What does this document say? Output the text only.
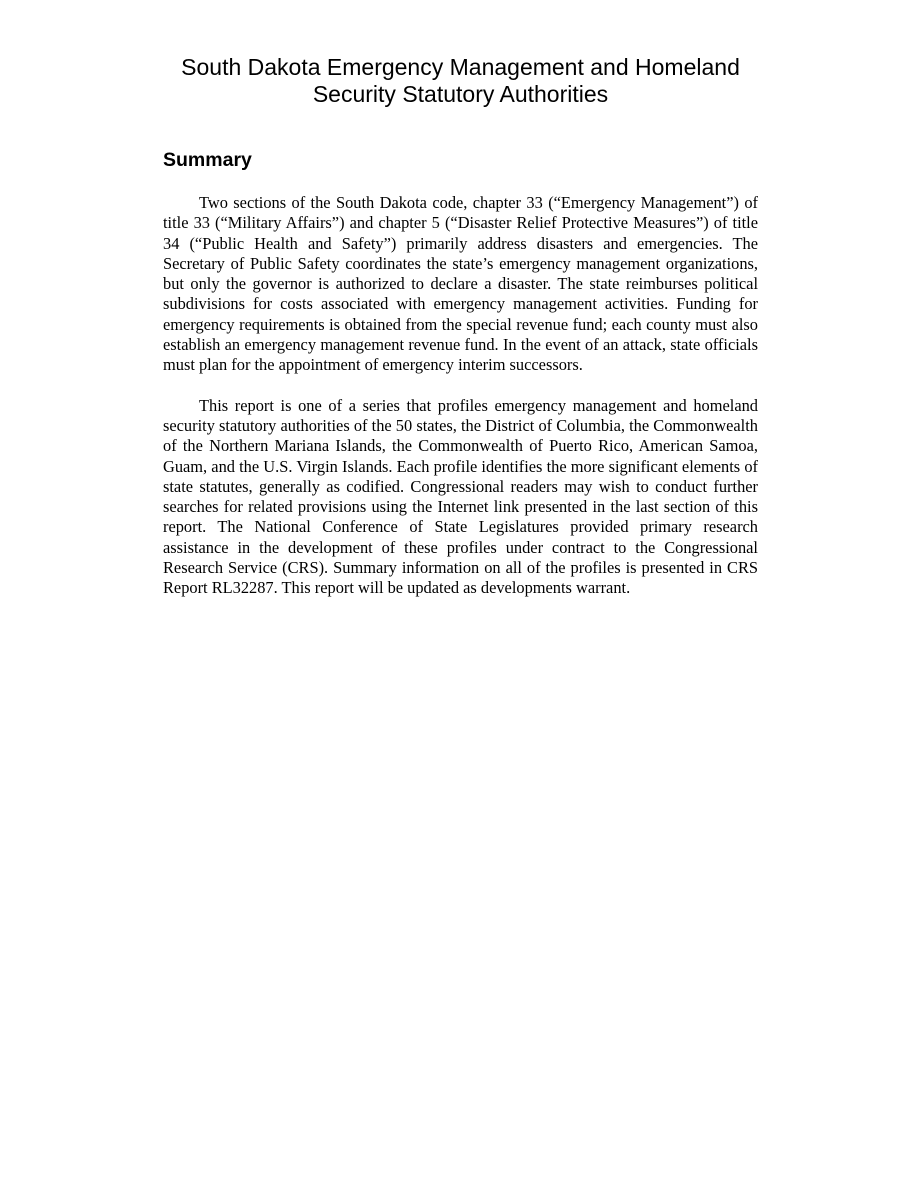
South Dakota Emergency Management and Homeland
Security Statutory Authorities
Summary

Two sections of the South Dakota code, chapter 33 (“Emergency Management”) of title 33 (“Military Affairs”) and chapter 5 (“Disaster Relief Protective Measures”) of title 34 (“Public Health and Safety”) primarily address disasters and emergencies. The Secretary of Public Safety coordinates the state’s emergency management organizations, but only the governor is authorized to declare a disaster. The state reimburses political subdivisions for costs associated with emergency management activities. Funding for emergency requirements is obtained from the special revenue fund; each county must also establish an emergency management revenue fund. In the event of an attack, state officials must plan for the appointment of emergency interim successors.

This report is one of a series that profiles emergency management and homeland security statutory authorities of the 50 states, the District of Columbia, the Commonwealth of the Northern Mariana Islands, the Commonwealth of Puerto Rico, American Samoa, Guam, and the U.S. Virgin Islands. Each profile identifies the more significant elements of state statutes, generally as codified. Congressional readers may wish to conduct further searches for related provisions using the Internet link presented in the last section of this report. The National Conference of State Legislatures provided primary research assistance in the development of these profiles under contract to the Congressional Research Service (CRS). Summary information on all of the profiles is presented in CRS Report RL32287. This report will be updated as developments warrant.
